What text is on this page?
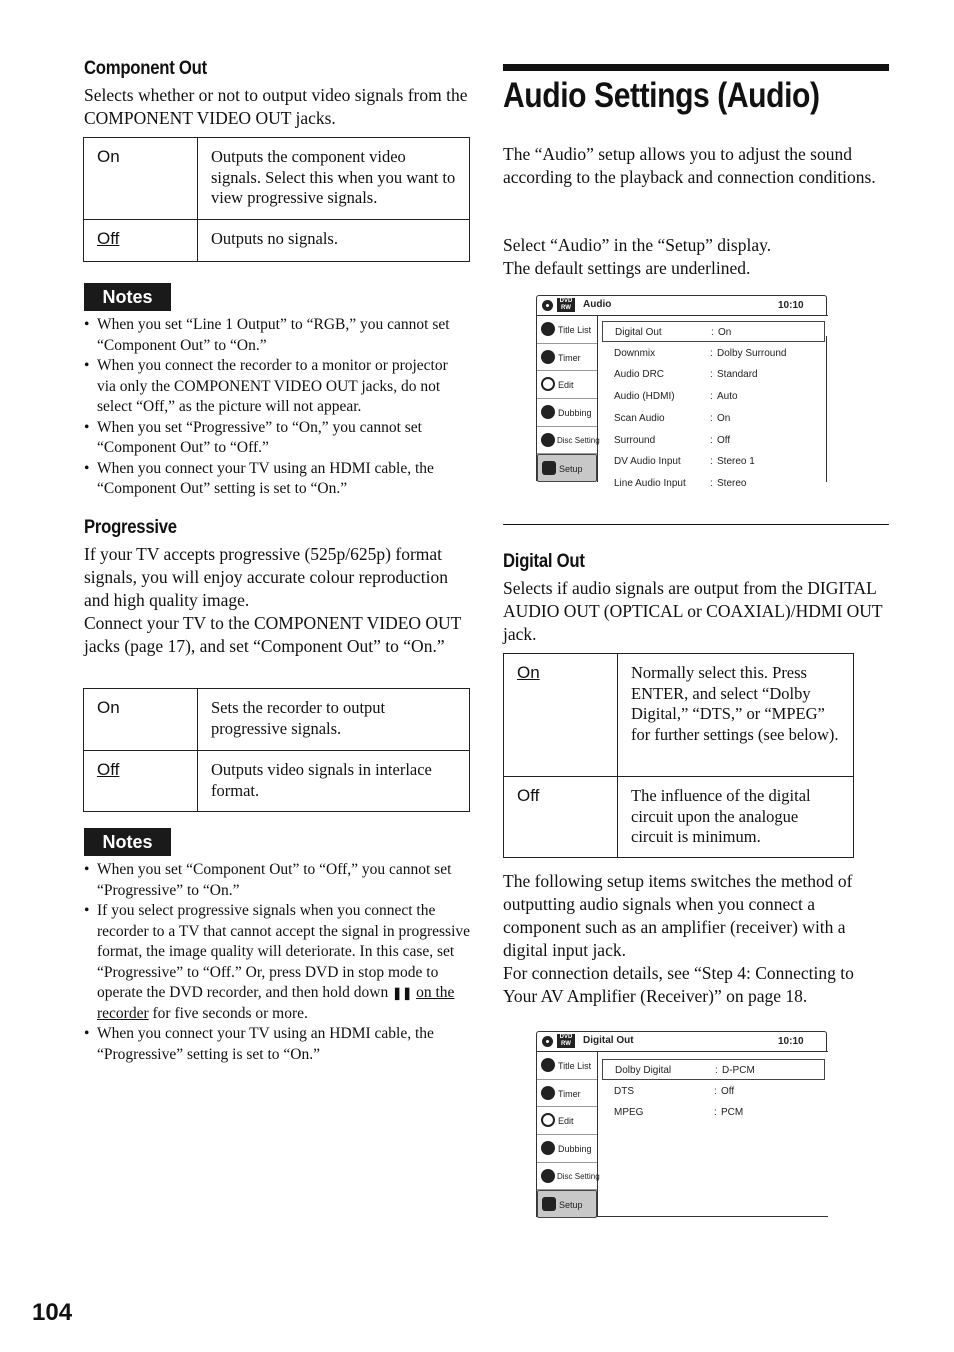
Component Out
Selects whether or not to output video signals from the COMPONENT VIDEO OUT jacks.
On	Outputs the component video signals. Select this when you want to view progressive signals.
Off	Outputs no signals.
Notes
• When you set “Line 1 Output” to “RGB,” you cannot set “Component Out” to “On.”
• When you connect the recorder to a monitor or projector via only the COMPONENT VIDEO OUT jacks, do not select “Off,” as the picture will not appear.
• When you set “Progressive” to “On,” you cannot set “Component Out” to “Off.”
• When you connect your TV using an HDMI cable, the “Component Out” setting is set to “On.”
Progressive
If your TV accepts progressive (525p/625p) format signals, you will enjoy accurate colour reproduction and high quality image.
Connect your TV to the COMPONENT VIDEO OUT jacks (page 17), and set “Component Out” to “On.”
On	Sets the recorder to output progressive signals.
Off	Outputs video signals in interlace format.
Notes
• When you set “Component Out” to “Off,” you cannot set “Progressive” to “On.”
• If you select progressive signals when you connect the recorder to a TV that cannot accept the signal in progressive format, the image quality will deteriorate. In this case, set “Progressive” to “Off.” Or, press DVD in stop mode to operate the DVD recorder, and then hold down ❚❚ on the recorder for five seconds or more.
• When you connect your TV using an HDMI cable, the “Progressive” setting is set to “On.”
104
Audio Settings (Audio)
The “Audio” setup allows you to adjust the sound according to the playback and connection conditions.
Select “Audio” in the “Setup” display.
The default settings are underlined.
DVD RW	Audio	10:10
Title List
Timer
Edit
Dubbing
Disc Setting
Setup
Digital Out	: On
Downmix	: Dolby Surround
Audio DRC	: Standard
Audio (HDMI)	: Auto
Scan Audio	: On
Surround	: Off
DV Audio Input	: Stereo 1
Line Audio Input : Stereo
Digital Out
Selects if audio signals are output from the DIGITAL AUDIO OUT (OPTICAL or COAXIAL)/HDMI OUT jack.
On	Normally select this. Press ENTER, and select “Dolby Digital,” “DTS,” or “MPEG” for further settings (see below).
Off	The influence of the digital circuit upon the analogue circuit is minimum.
The following setup items switches the method of outputting audio signals when you connect a component such as an amplifier (receiver) with a digital input jack.
For connection details, see “Step 4: Connecting to Your AV Amplifier (Receiver)” on page 18.
DVD RW	Digital Out	10:10
Title List
Timer
Edit
Dubbing
Disc Setting
Setup
Dolby Digital	: D-PCM
DTS	: Off
MPEG	: PCM
